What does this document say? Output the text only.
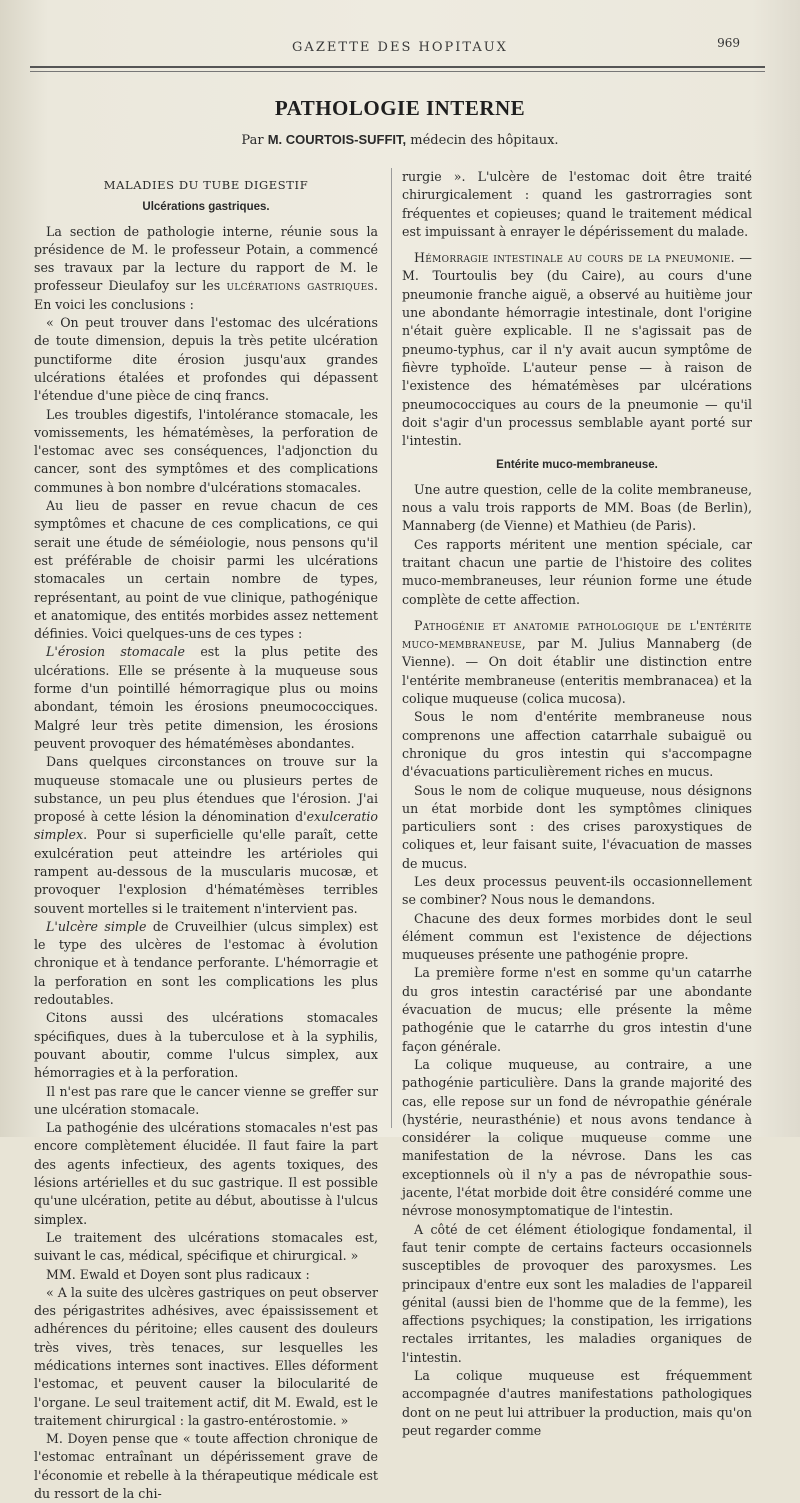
GAZETTE DES HOPITAUX	969
PATHOLOGIE INTERNE
Par M. COURTOIS-SUFFIT, médecin des hôpitaux.
MALADIES DU TUBE DIGESTIF
Ulcérations gastriques.

La section de pathologie interne, réunie sous la présidence de M. le professeur Potain, a commencé ses travaux par la lecture du rapport de M. le professeur Dieulafoy sur les ulcérations gastriques. En voici les conclusions :

« On peut trouver dans l'estomac des ulcérations de toute dimension, depuis la très petite ulcération punctiforme dite érosion jusqu'aux grandes ulcérations étalées et profondes qui dépassent l'étendue d'une pièce de cinq francs.

Les troubles digestifs, l'intolérance stomacale, les vomissements, les hématémèses, la perforation de l'estomac avec ses conséquences, l'adjonction du cancer, sont des symptômes et des complications communes à bon nombre d'ulcérations stomacales.

Au lieu de passer en revue chacun de ces symptômes et chacune de ces complications, ce qui serait une étude de séméiologie, nous pensons qu'il est préférable de choisir parmi les ulcérations stomacales un certain nombre de types, représentant, au point de vue clinique, pathogénique et anatomique, des entités morbides assez nettement définies. Voici quelques-uns de ces types :

L'érosion stomacale est la plus petite des ulcérations. Elle se présente à la muqueuse sous forme d'un pointillé hémorragique plus ou moins abondant, témoin les érosions pneumococciques. Malgré leur très petite dimension, les érosions peuvent provoquer des hématémèses abondantes.

Dans quelques circonstances on trouve sur la muqueuse stomacale une ou plusieurs pertes de substance, un peu plus étendues que l'érosion. J'ai proposé à cette lésion la dénomination d'exulceratio simplex. Pour si superficielle qu'elle paraît, cette exulcération peut atteindre les artérioles qui rampent au-dessous de la muscularis mucosæ, et provoquer l'explosion d'hématémèses terribles souvent mortelles si le traitement n'intervient pas.

L'ulcère simple de Cruveilhier (ulcus simplex) est le type des ulcères de l'estomac à évolution chronique et à tendance perforante. L'hémorragie et la perforation en sont les complications les plus redoutables.

Citons aussi des ulcérations stomacales spécifiques, dues à la tuberculose et à la syphilis, pouvant aboutir, comme l'ulcus simplex, aux hémorragies et à la perforation.

Il n'est pas rare que le cancer vienne se greffer sur une ulcération stomacale.

La pathogénie des ulcérations stomacales n'est pas encore complètement élucidée. Il faut faire la part des agents infectieux, des agents toxiques, des lésions artérielles et du suc gastrique. Il est possible qu'une ulcération, petite au début, aboutisse à l'ulcus simplex.

Le traitement des ulcérations stomacales est, suivant le cas, médical, spécifique et chirurgical. »

MM. Ewald et Doyen sont plus radicaux :

« A la suite des ulcères gastriques on peut observer des périgastrites adhésives, avec épaississement et adhérences du péritoine; elles causent des douleurs très vives, très tenaces, sur lesquelles les médications internes sont inactives. Elles déforment l'estomac, et peuvent causer la bilocularité de l'organe. Le seul traitement actif, dit M. Ewald, est le traitement chirurgical : la gastro-entérostomie. »

M. Doyen pense que « toute affection chronique de l'estomac entraînant un dépérissement grave de l'économie et rebelle à la thérapeutique médicale est du ressort de la chi-

rurgie ». L'ulcère de l'estomac doit être traité chirurgicalement : quand les gastrorragies sont fréquentes et copieuses; quand le traitement médical est impuissant à enrayer le dépérissement du malade.

Hémorragie intestinale au cours de la pneumonie. — M. Tourtoulis bey (du Caire), au cours d'une pneumonie franche aiguë, a observé au huitième jour une abondante hémorragie intestinale, dont l'origine n'était guère explicable. Il ne s'agissait pas de pneumo-typhus, car il n'y avait aucun symptôme de fièvre typhoïde. L'auteur pense — à raison de l'existence des hématémèses par ulcérations pneumococciques au cours de la pneumonie — qu'il doit s'agir d'un processus semblable ayant porté sur l'intestin.

Entérite muco-membraneuse.

Une autre question, celle de la colite membraneuse, nous a valu trois rapports de MM. Boas (de Berlin), Mannaberg (de Vienne) et Mathieu (de Paris).

Ces rapports méritent une mention spéciale, car traitant chacun une partie de l'histoire des colites muco-membraneuses, leur réunion forme une étude complète de cette affection.

Pathogénie et anatomie pathologique de l'entérite muco-membraneuse, par M. Julius Mannaberg (de Vienne). — On doit établir une distinction entre l'entérite membraneuse (enteritis membranacea) et la colique muqueuse (colica mucosa).

Sous le nom d'entérite membraneuse nous comprenons une affection catarrhale subaiguë ou chronique du gros intestin qui s'accompagne d'évacuations particulièrement riches en mucus.

Sous le nom de colique muqueuse, nous désignons un état morbide dont les symptômes cliniques particuliers sont : des crises paroxystiques de coliques et, leur faisant suite, l'évacuation de masses de mucus.

Les deux processus peuvent-ils occasionnellement se combiner? Nous nous le demandons.

Chacune des deux formes morbides dont le seul élément commun est l'existence de déjections muqueuses présente une pathogénie propre.

La première forme n'est en somme qu'un catarrhe du gros intestin caractérisé par une abondante évacuation de mucus; elle présente la même pathogénie que le catarrhe du gros intestin d'une façon générale.

La colique muqueuse, au contraire, a une pathogénie particulière. Dans la grande majorité des cas, elle repose sur un fond de névropathie générale (hystérie, neurasthénie) et nous avons tendance à considérer la colique muqueuse comme une manifestation de la névrose. Dans les cas exceptionnels où il n'y a pas de névropathie sous-jacente, l'état morbide doit être considéré comme une névrose monosymptomatique de l'intestin.

A côté de cet élément étiologique fondamental, il faut tenir compte de certains facteurs occasionnels susceptibles de provoquer des paroxysmes. Les principaux d'entre eux sont les maladies de l'appareil génital (aussi bien de l'homme que de la femme), les affections psychiques; la constipation, les irrigations rectales irritantes, les maladies organiques de l'intestin.

La colique muqueuse est fréquemment accompagnée d'autres manifestations pathologiques dont on ne peut lui attribuer la production, mais qu'on peut regarder comme
